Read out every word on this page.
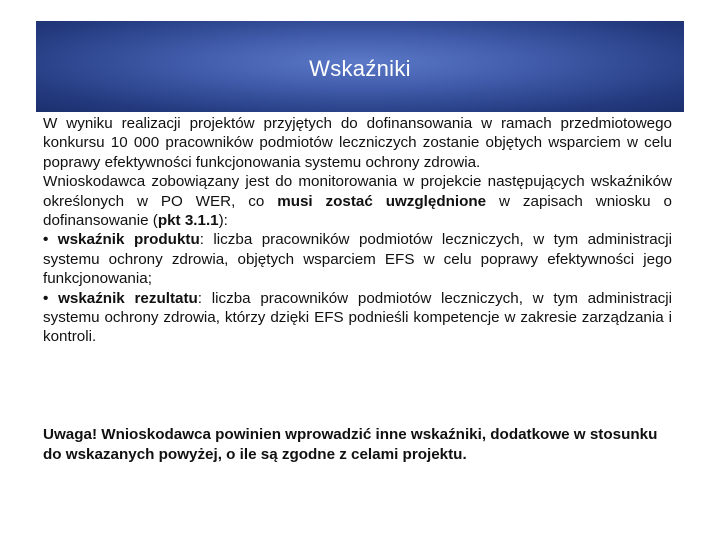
Wskaźniki

W wyniku realizacji projektów przyjętych do dofinansowania w ramach przedmiotowego konkursu 10 000 pracowników podmiotów leczniczych zostanie objętych wsparciem w celu poprawy efektywności funkcjonowania systemu ochrony zdrowia.

Wnioskodawca zobowiązany jest do monitorowania w projekcie następujących wskaźników określonych w PO WER, co musi zostać uwzględnione w zapisach wniosku o dofinansowanie (pkt 3.1.1):

• wskaźnik produktu: liczba pracowników podmiotów leczniczych, w tym administracji systemu ochrony zdrowia, objętych wsparciem EFS w celu poprawy efektywności jego funkcjonowania;

• wskaźnik rezultatu: liczba pracowników podmiotów leczniczych, w tym administracji systemu ochrony zdrowia, którzy dzięki EFS podnieśli kompetencje w zakresie zarządzania i kontroli.

Uwaga! Wnioskodawca powinien wprowadzić inne wskaźniki, dodatkowe w stosunku do wskazanych powyżej, o ile są zgodne z celami projektu.
